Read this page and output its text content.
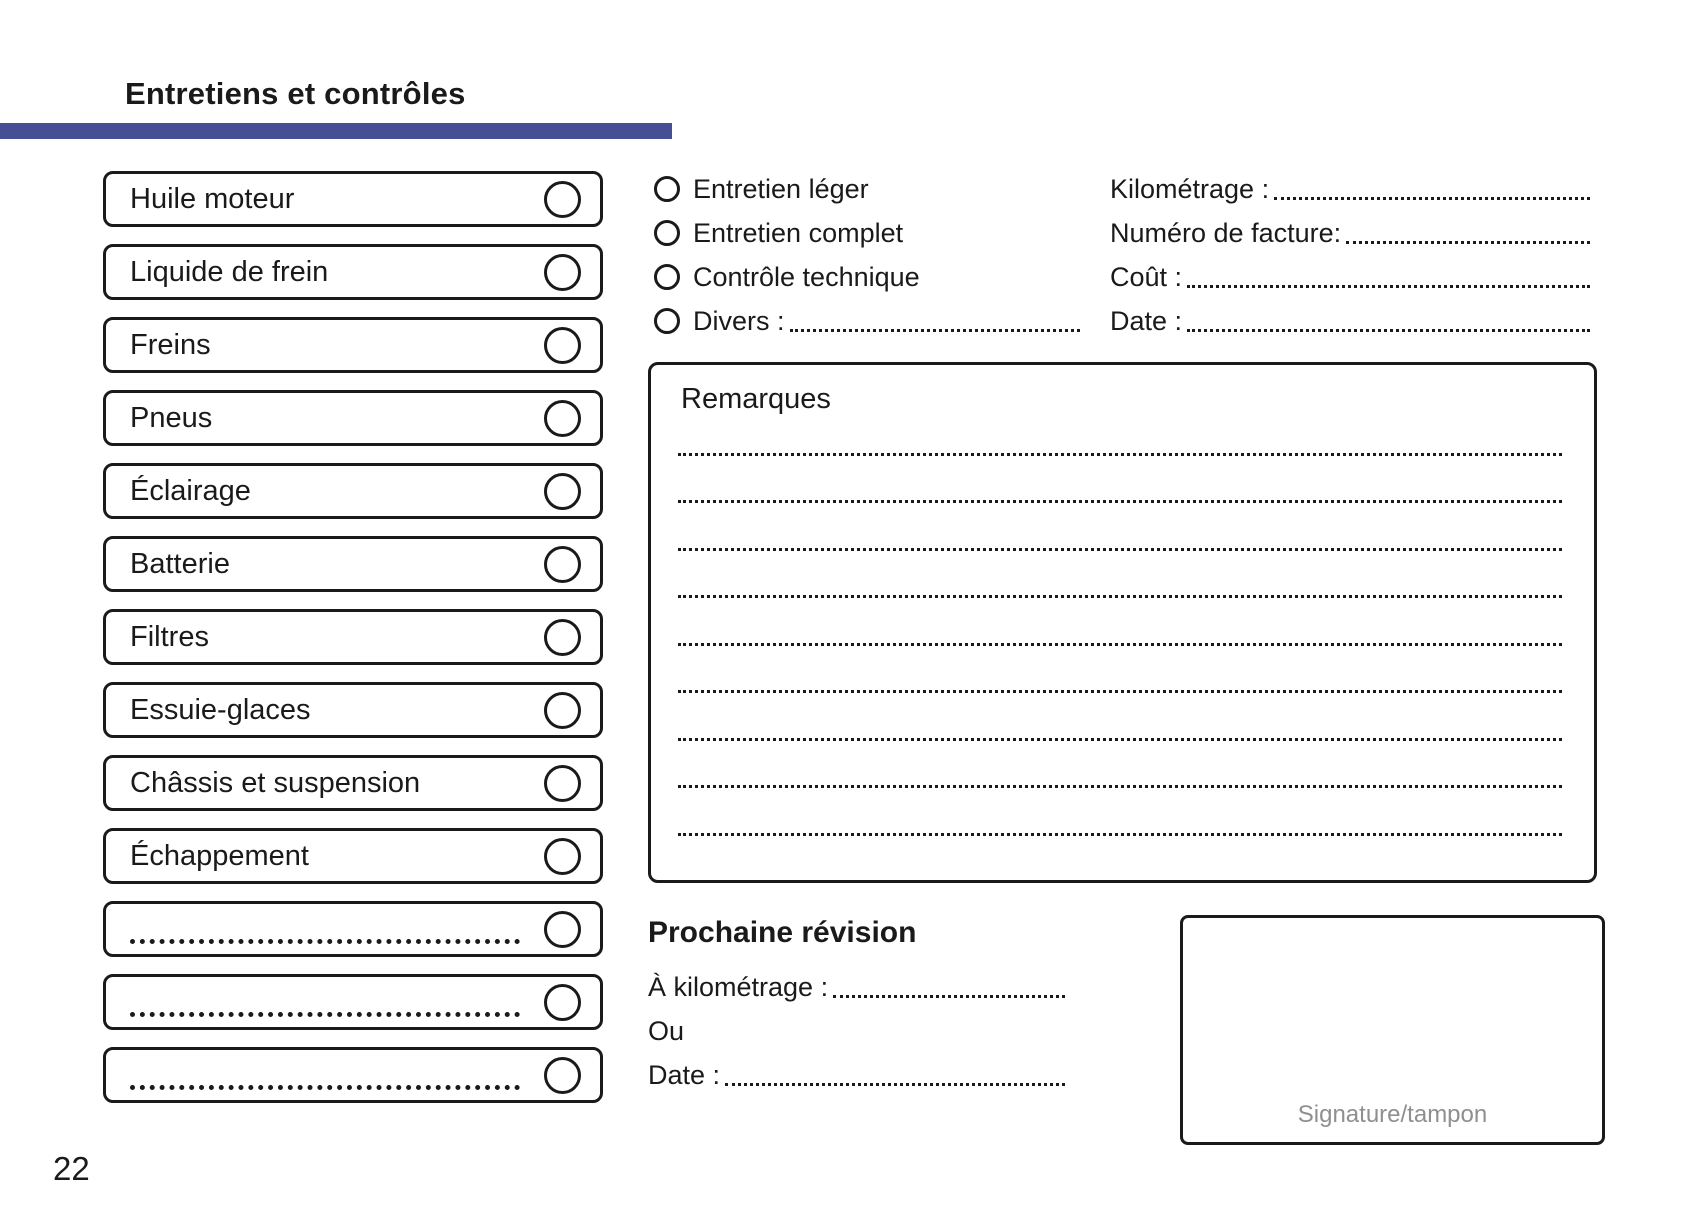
Entretiens et contrôles
Huile moteur
Liquide de frein
Freins
Pneus
Éclairage
Batterie
Filtres
Essuie-glaces
Châssis et suspension
Échappement
Entretien léger
Entretien complet
Contrôle technique
Divers :
Kilométrage :
Numéro de facture:
Coût :
Date :
Remarques
Prochaine révision
À kilométrage :
Ou
Date :
Signature/tampon
22
